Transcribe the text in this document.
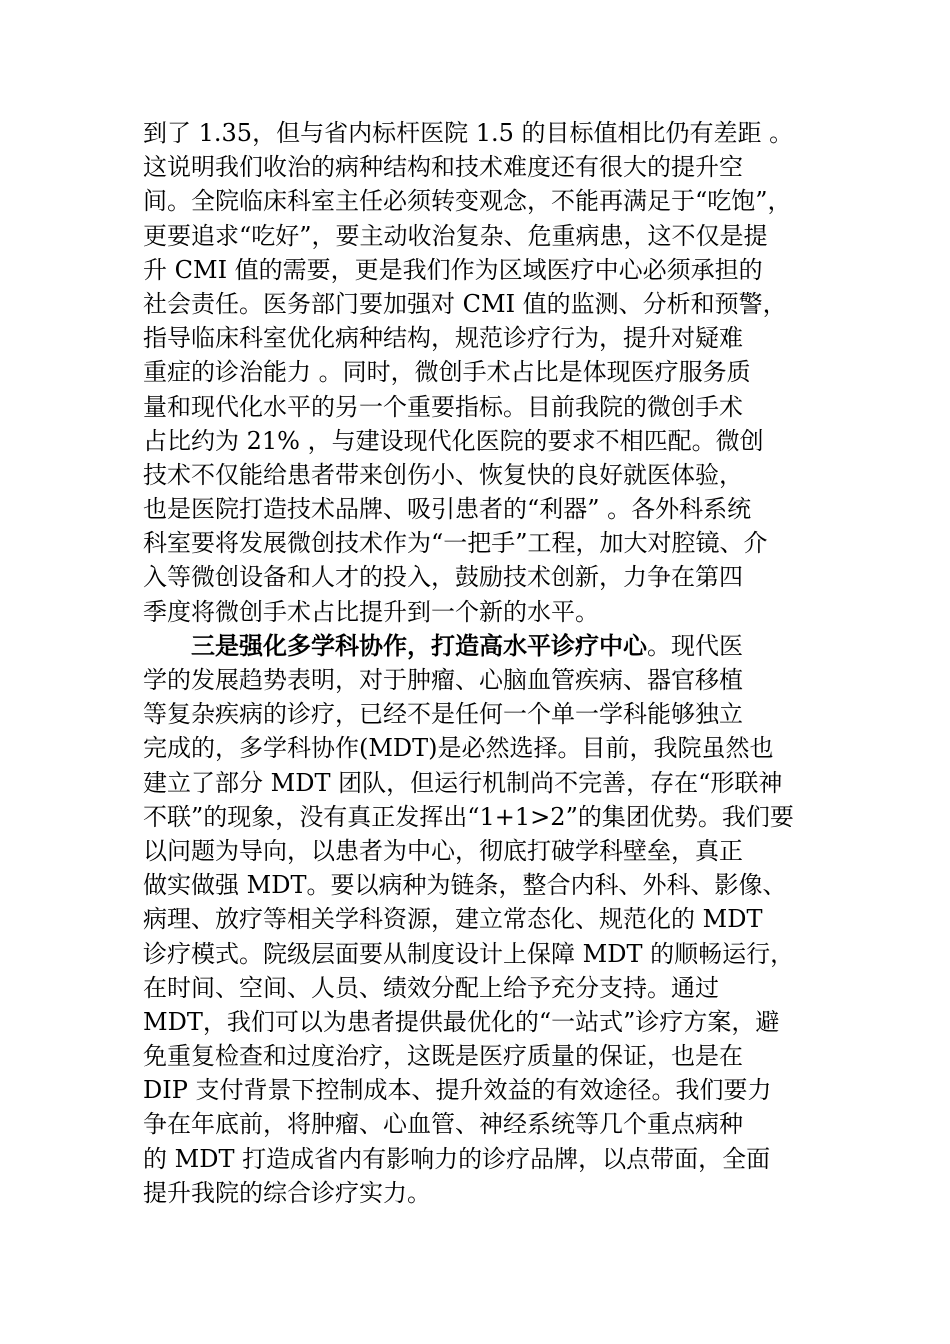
到了 1.35，但与省内标杆医院 1.5 的目标值相比仍有差距 。
这说明我们收治的病种结构和技术难度还有很大的提升空
间。全院临床科室主任必须转变观念，不能再满足于“吃饱”，
更要追求“吃好”，要主动收治复杂、危重病患，这不仅是提
升 CMI 值的需要，更是我们作为区域医疗中心必须承担的
社会责任。医务部门要加强对 CMI 值的监测、分析和预警，
指导临床科室优化病种结构，规范诊疗行为，提升对疑难
重症的诊治能力 。同时，微创手术占比是体现医疗服务质
量和现代化水平的另一个重要指标。目前我院的微创手术
占比约为 21% ，与建设现代化医院的要求不相匹配。微创
技术不仅能给患者带来创伤小、恢复快的良好就医体验，
也是医院打造技术品牌、吸引患者的“利器” 。各外科系统
科室要将发展微创技术作为“一把手”工程，加大对腔镜、介
入等微创设备和人才的投入，鼓励技术创新，力争在第四
季度将微创手术占比提升到一个新的水平。
三是强化多学科协作，打造高水平诊疗中心。现代医
学的发展趋势表明，对于肿瘤、心脑血管疾病、器官移植
等复杂疾病的诊疗，已经不是任何一个单一学科能够独立
完成的，多学科协作(MDT)是必然选择。目前，我院虽然也
建立了部分 MDT 团队，但运行机制尚不完善，存在“形联神
不联”的现象，没有真正发挥出“1+1>2”的集团优势。我们要
以问题为导向，以患者为中心，彻底打破学科壁垒，真正
做实做强 MDT。要以病种为链条，整合内科、外科、影像、
病理、放疗等相关学科资源，建立常态化、规范化的 MDT
诊疗模式。院级层面要从制度设计上保障 MDT 的顺畅运行，
在时间、空间、人员、绩效分配上给予充分支持。通过
MDT，我们可以为患者提供最优化的“一站式”诊疗方案，避
免重复检查和过度治疗，这既是医疗质量的保证，也是在
DIP 支付背景下控制成本、提升效益的有效途径。我们要力
争在年底前，将肿瘤、心血管、神经系统等几个重点病种
的 MDT 打造成省内有影响力的诊疗品牌，以点带面，全面
提升我院的综合诊疗实力。
